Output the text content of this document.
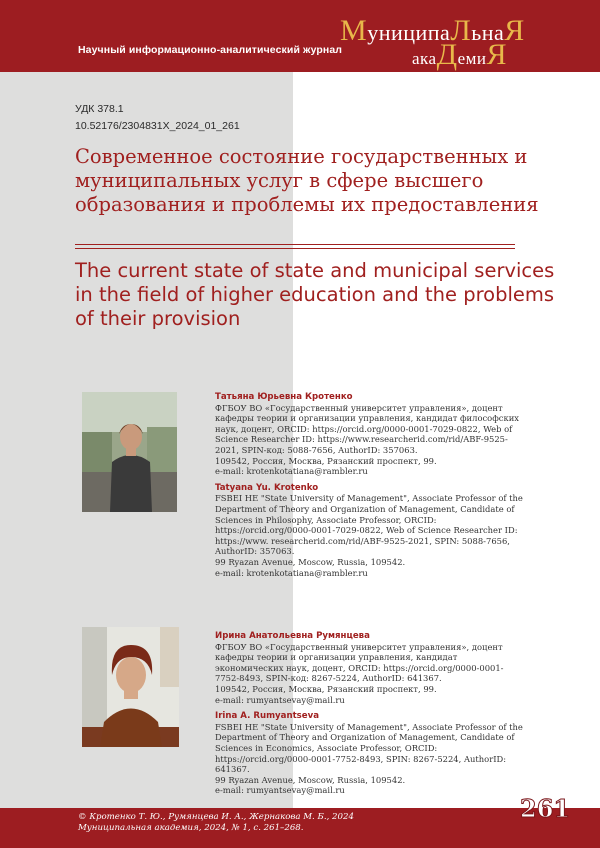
Научный информационно-аналитический журнал
МуниципаЛьнаЯ
акаДемиЯ
УДК 378.1
10.52176/2304831X_2024_01_261
Современное состояние государственных и муниципальных услуг в сфере высшего образования и проблемы их предоставления
The current state of state and municipal services in the field of higher education and the problems of their provision

Татьяна Юрьевна Кротенко

ФГБОУ ВО «Государственный университет управления», доцент кафедры теории и организации управления, кандидат философских наук, доцент, ORCID: https://orcid.org/0000-0001-7029-0822, Web of Science Researcher ID: https://www.researcherid.com/rid/ABF-9525-2021, SPIN-код: 5088-7656, AuthorID: 357063.

109542, Россия, Москва, Рязанский проспект, 99.

e-mail: krotenkotatiana@rambler.ru

Tatyana Yu. Krotenko

FSBEI HE "State University of Management", Associate Professor of the Department of Theory and Organization of Management, Candidate of Sciences in Philosophy, Associate Professor, ORCID: https://orcid.org/0000-0001-7029-0822, Web of Science Researcher ID: https://www. researcherid.com/rid/ABF-9525-2021, SPIN: 5088-7656, AuthorID: 357063.

99 Ryazan Avenue, Moscow, Russia, 109542.

e-mail: krotenkotatiana@rambler.ru

Ирина Анатольевна Румянцева

ФГБОУ ВО «Государственный университет управления», доцент кафедры теории и организации управления, кандидат экономических наук, доцент, ORCID: https://orcid.org/0000-0001-7752-8493, SPIN-код: 8267-5224, AuthorID: 641367.

109542, Россия, Москва, Рязанский проспект, 99.

e-mail: rumyantsevay@mail.ru

Irina A. Rumyantseva

FSBEI HE "State University of Management", Associate Professor of the Department of Theory and Organization of Management, Candidate of Sciences in Economics, Associate Professor, ORCID: https://orcid.org/0000-0001-7752-8493, SPIN: 8267-5224, AuthorID: 641367.

99 Ryazan Avenue, Moscow, Russia, 109542.

e-mail: rumyantsevay@mail.ru

© Кротенко Т. Ю., Румянцева И. А., Жернакова М. Б., 2024
Муниципальная академия, 2024, № 1, с. 261–268.
261
